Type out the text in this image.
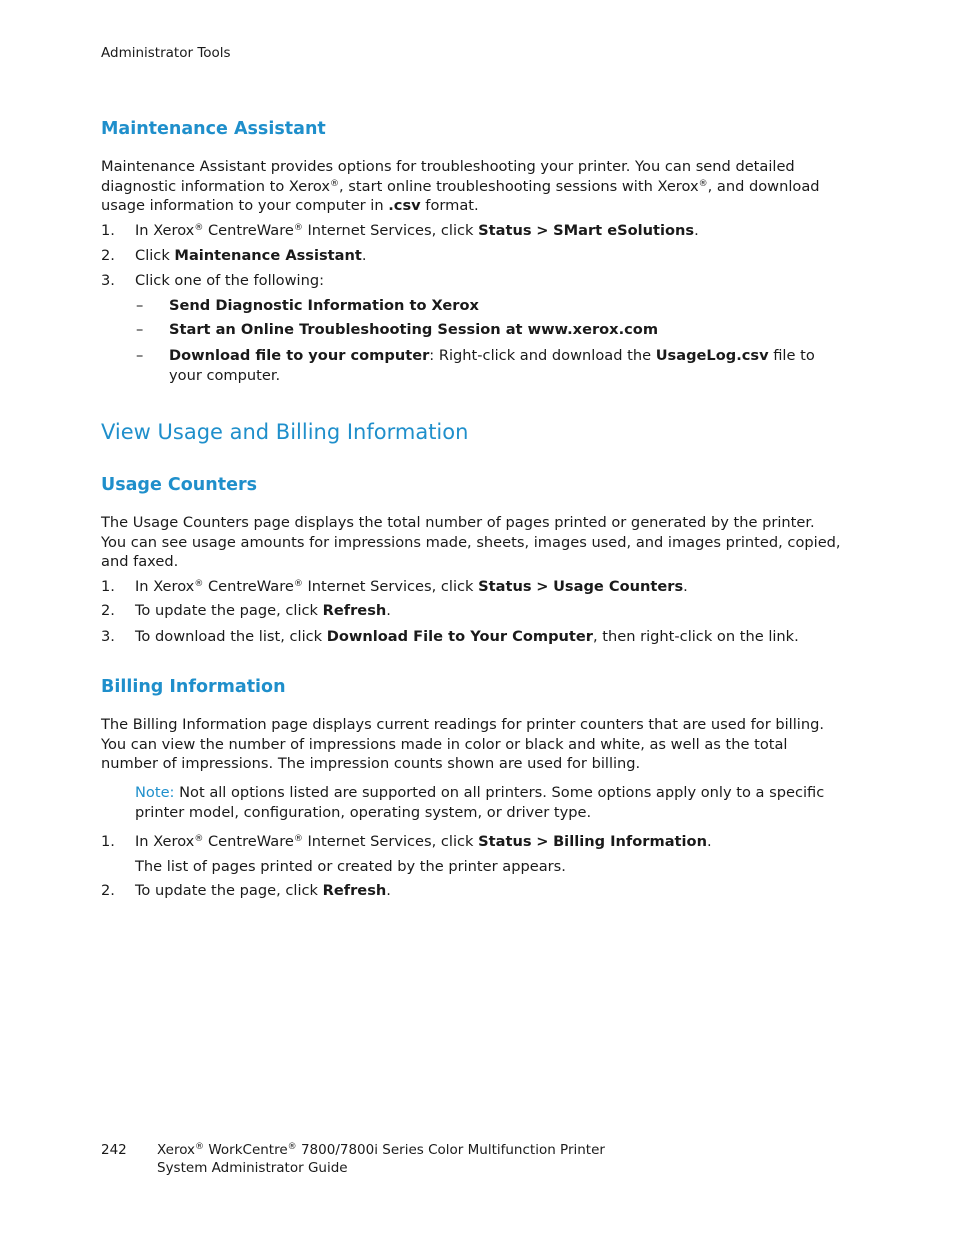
Administrator Tools
Maintenance Assistant

Maintenance Assistant provides options for troubleshooting your printer. You can send detailed diagnostic information to Xerox®, start online troubleshooting sessions with Xerox®, and download usage information to your computer in .csv format.

1. In Xerox® CentreWare® Internet Services, click Status > SMart eSolutions.
2. Click Maintenance Assistant.
3. Click one of the following:
– Send Diagnostic Information to Xerox
– Start an Online Troubleshooting Session at www.xerox.com
– Download file to your computer: Right-click and download the UsageLog.csv file to your computer.
View Usage and Billing Information
Usage Counters

The Usage Counters page displays the total number of pages printed or generated by the printer. You can see usage amounts for impressions made, sheets, images used, and images printed, copied, and faxed.

1. In Xerox® CentreWare® Internet Services, click Status > Usage Counters.
2. To update the page, click Refresh.
3. To download the list, click Download File to Your Computer, then right-click on the link.
Billing Information

The Billing Information page displays current readings for printer counters that are used for billing. You can view the number of impressions made in color or black and white, as well as the total number of impressions. The impression counts shown are used for billing.

Note: Not all options listed are supported on all printers. Some options apply only to a specific printer model, configuration, operating system, or driver type.
1. In Xerox® CentreWare® Internet Services, click Status > Billing Information.
The list of pages printed or created by the printer appears.
2. To update the page, click Refresh.
242 Xerox® WorkCentre® 7800/7800i Series Color Multifunction Printer
System Administrator Guide
